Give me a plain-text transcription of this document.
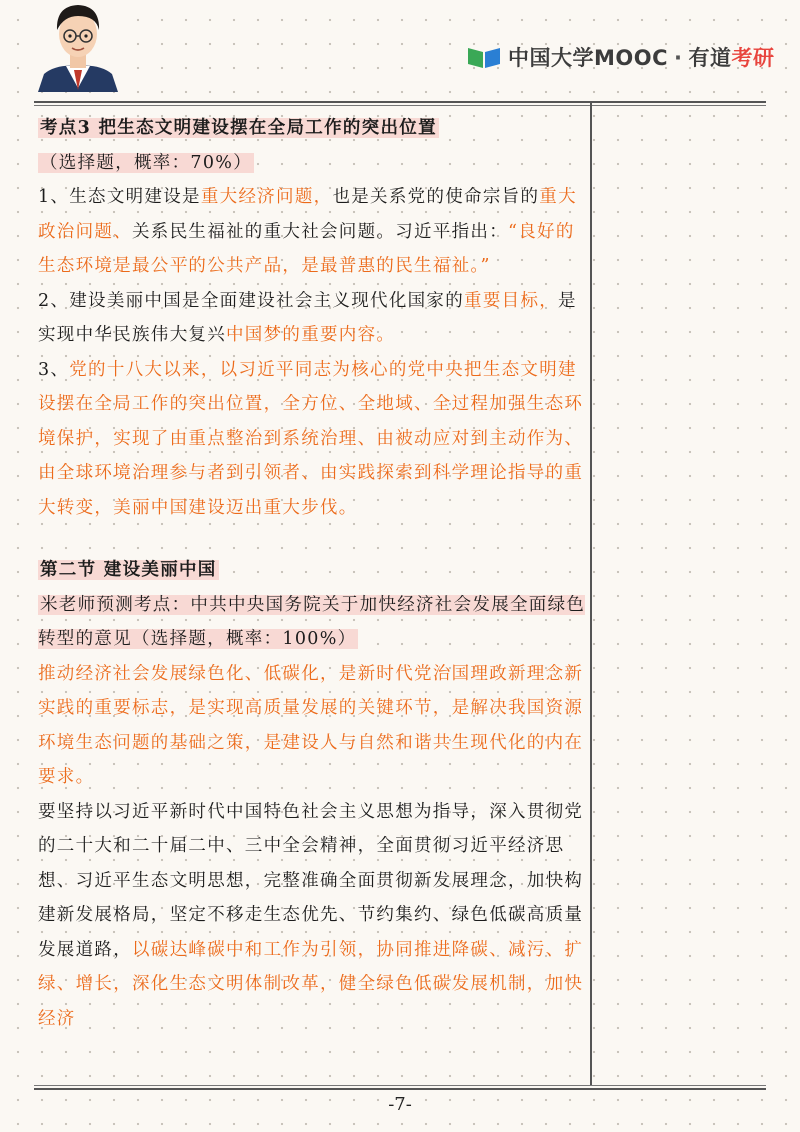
中国大学MOOC · 有道考研

考点3 把生态文明建设摆在全局工作的突出位置

（选择题，概率：70%）

1、生态文明建设是重大经济问题，也是关系党的使命宗旨的重大政治问题、关系民生福祉的重大社会问题。习近平指出：“良好的生态环境是最公平的公共产品，是最普惠的民生福祉。”

2、建设美丽中国是全面建设社会主义现代化国家的重要目标，是实现中华民族伟大复兴中国梦的重要内容。

3、党的十八大以来，以习近平同志为核心的党中央把生态文明建设摆在全局工作的突出位置，全方位、全地域、全过程加强生态环境保护，实现了由重点整治到系统治理、由被动应对到主动作为、由全球环境治理参与者到引领者、由实践探索到科学理论指导的重大转变，美丽中国建设迈出重大步伐。

第二节 建设美丽中国

米老师预测考点：中共中央国务院关于加快经济社会发展全面绿色转型的意见（选择题，概率：100%）

推动经济社会发展绿色化、低碳化，是新时代党治国理政新理念新实践的重要标志，是实现高质量发展的关键环节，是解决我国资源环境生态问题的基础之策，是建设人与自然和谐共生现代化的内在要求。

要坚持以习近平新时代中国特色社会主义思想为指导，深入贯彻党的二十大和二十届二中、三中全会精神，全面贯彻习近平经济思想、习近平生态文明思想，完整准确全面贯彻新发展理念，加快构建新发展格局，坚定不移走生态优先、节约集约、绿色低碳高质量发展道路，以碳达峰碳中和工作为引领，协同推进降碳、减污、扩绿、增长，深化生态文明体制改革，健全绿色低碳发展机制，加快经济

-7-
